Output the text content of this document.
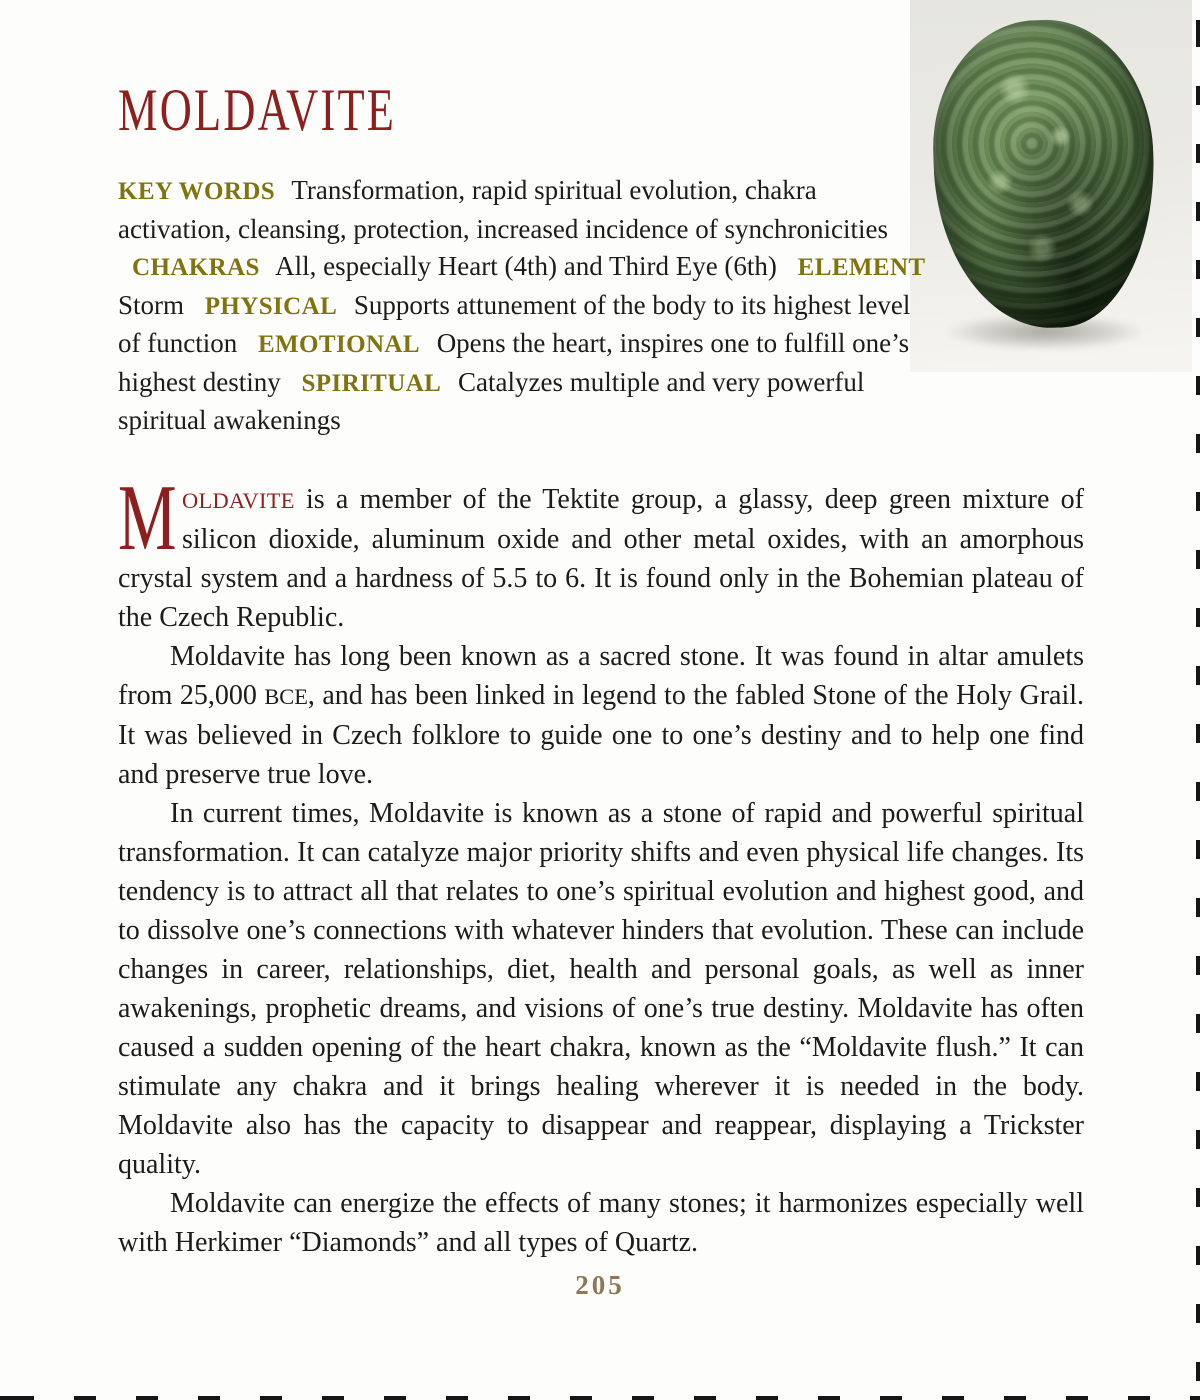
MOLDAVITE

KEY WORDS Transformation, rapid spiritual evolution, chakra activation, cleansing, protection, increased incidence of synchronicities CHAKRAS All, especially Heart (4th) and Third Eye (6th) ELEMENT Storm PHYSICAL Supports attunement of the body to its highest level of function EMOTIONAL Opens the heart, inspires one to fulfill one’s highest destiny SPIRITUAL Catalyzes multiple and very powerful spiritual awakenings

MOLDAVITE is a member of the Tektite group, a glassy, deep green mixture of silicon dioxide, aluminum oxide and other metal oxides, with an amorphous crystal system and a hardness of 5.5 to 6. It is found only in the Bohemian plateau of the Czech Republic.

Moldavite has long been known as a sacred stone. It was found in altar amulets from 25,000 BCE, and has been linked in legend to the fabled Stone of the Holy Grail. It was believed in Czech folklore to guide one to one’s destiny and to help one find and preserve true love.

In current times, Moldavite is known as a stone of rapid and powerful spiritual transformation. It can catalyze major priority shifts and even physical life changes. Its tendency is to attract all that relates to one’s spiritual evolution and highest good, and to dissolve one’s connections with whatever hinders that evolution. These can include changes in career, relationships, diet, health and personal goals, as well as inner awakenings, prophetic dreams, and visions of one’s true destiny. Moldavite has often caused a sudden opening of the heart chakra, known as the “Moldavite flush.” It can stimulate any chakra and it brings healing wherever it is needed in the body. Moldavite also has the capacity to disappear and reappear, displaying a Trickster quality.

Moldavite can energize the effects of many stones; it harmonizes especially well with Herkimer “Diamonds” and all types of Quartz.

205
